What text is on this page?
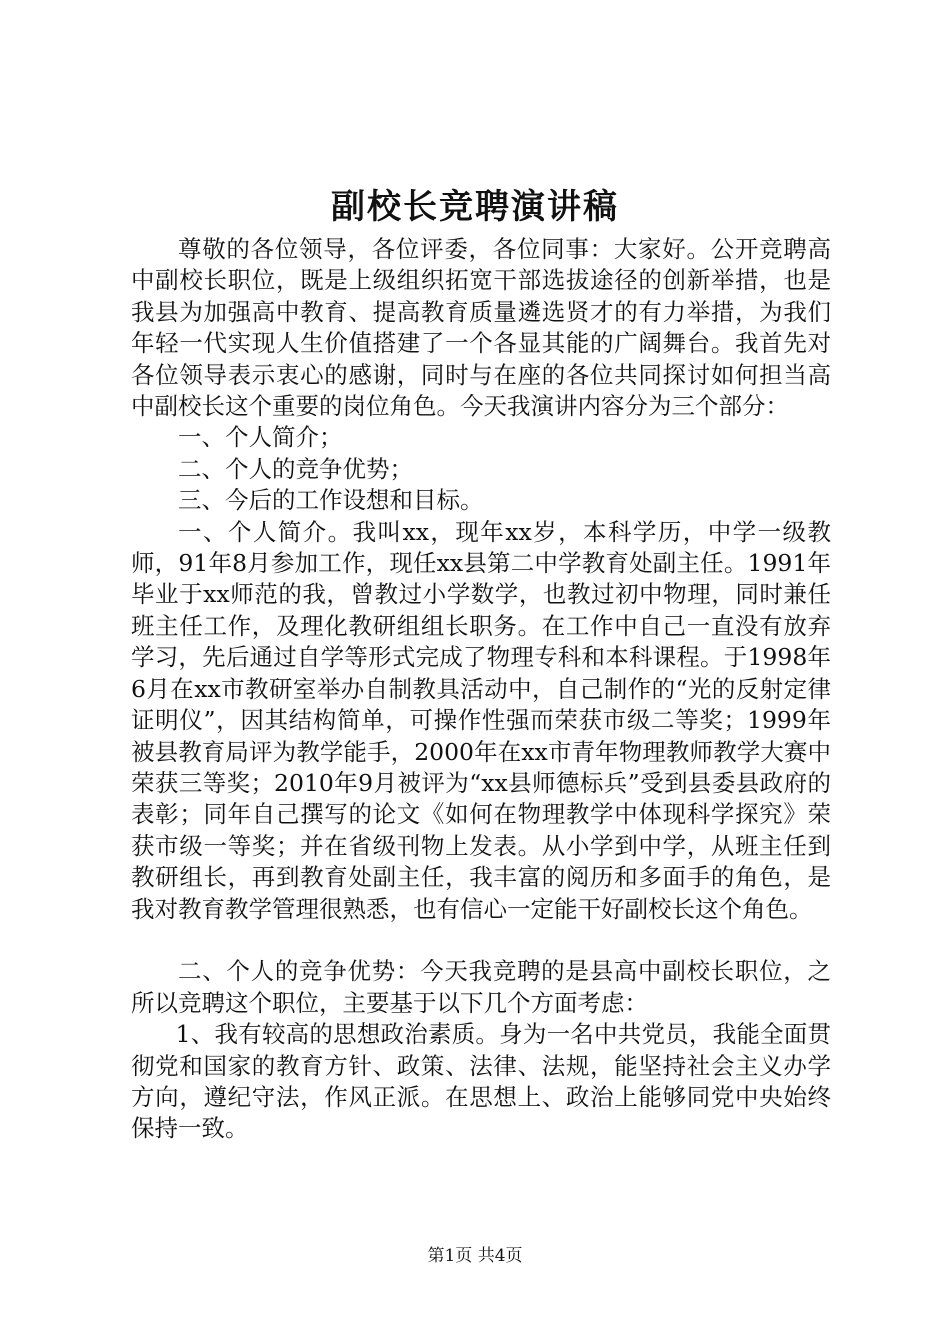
副校长竞聘演讲稿

尊敬的各位领导，各位评委，各位同事：大家好。公开竞聘高中副校长职位，既是上级组织拓宽干部选拔途径的创新举措，也是我县为加强高中教育、提高教育质量遴选贤才的有力举措，为我们年轻一代实现人生价值搭建了一个各显其能的广阔舞台。我首先对各位领导表示衷心的感谢，同时与在座的各位共同探讨如何担当高中副校长这个重要的岗位角色。今天我演讲内容分为三个部分：

一、个人简介；

二、个人的竞争优势；

三、今后的工作设想和目标。

一、个人简介。我叫xx，现年xx岁，本科学历，中学一级教师，91年8月参加工作，现任xx县第二中学教育处副主任。1991年毕业于xx师范的我，曾教过小学数学，也教过初中物理，同时兼任班主任工作，及理化教研组组长职务。在工作中自己一直没有放弃学习，先后通过自学等形式完成了物理专科和本科课程。于1998年6月在xx市教研室举办自制教具活动中，自己制作的“光的反射定律证明仪”，因其结构简单，可操作性强而荣获市级二等奖；1999年被县教育局评为教学能手，2000年在xx市青年物理教师教学大赛中荣获三等奖；2010年9月被评为“xx县师德标兵”受到县委县政府的表彰；同年自己撰写的论文《如何在物理教学中体现科学探究》荣获市级一等奖；并在省级刊物上发表。从小学到中学，从班主任到教研组长，再到教育处副主任，我丰富的阅历和多面手的角色，是我对教育教学管理很熟悉，也有信心一定能干好副校长这个角色。

二、个人的竞争优势：今天我竞聘的是县高中副校长职位，之所以竞聘这个职位，主要基于以下几个方面考虑：

1、我有较高的思想政治素质。身为一名中共党员，我能全面贯彻党和国家的教育方针、政策、法律、法规，能坚持社会主义办学方向，遵纪守法，作风正派。在思想上、政治上能够同党中央始终保持一致。

第1页 共4页
